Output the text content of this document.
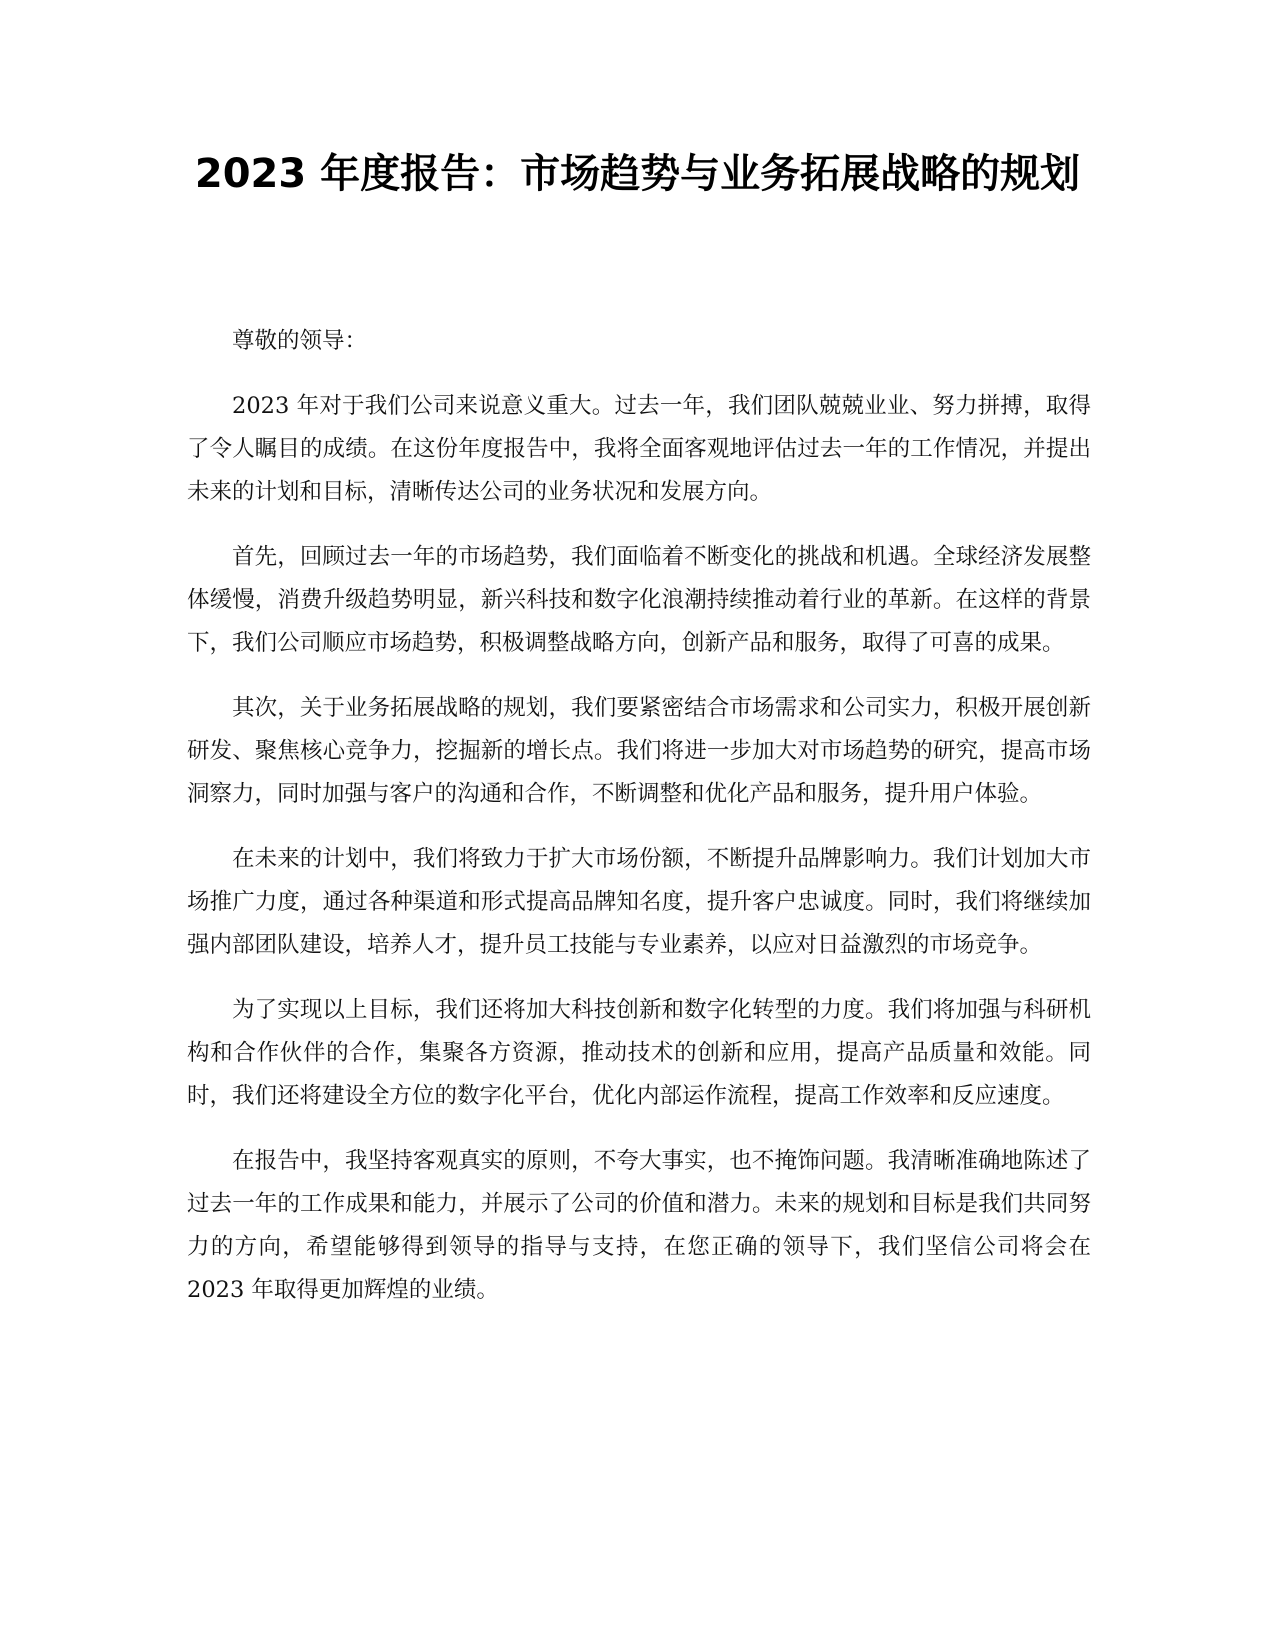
2023 年度报告：市场趋势与业务拓展战略的规划

尊敬的领导：

2023 年对于我们公司来说意义重大。过去一年，我们团队兢兢业业、努力拼搏，取得了令人瞩目的成绩。在这份年度报告中，我将全面客观地评估过去一年的工作情况，并提出未来的计划和目标，清晰传达公司的业务状况和发展方向。

首先，回顾过去一年的市场趋势，我们面临着不断变化的挑战和机遇。全球经济发展整体缓慢，消费升级趋势明显，新兴科技和数字化浪潮持续推动着行业的革新。在这样的背景下，我们公司顺应市场趋势，积极调整战略方向，创新产品和服务，取得了可喜的成果。

其次，关于业务拓展战略的规划，我们要紧密结合市场需求和公司实力，积极开展创新研发、聚焦核心竞争力，挖掘新的增长点。我们将进一步加大对市场趋势的研究，提高市场洞察力，同时加强与客户的沟通和合作，不断调整和优化产品和服务，提升用户体验。

在未来的计划中，我们将致力于扩大市场份额，不断提升品牌影响力。我们计划加大市场推广力度，通过各种渠道和形式提高品牌知名度，提升客户忠诚度。同时，我们将继续加强内部团队建设，培养人才，提升员工技能与专业素养，以应对日益激烈的市场竞争。

为了实现以上目标，我们还将加大科技创新和数字化转型的力度。我们将加强与科研机构和合作伙伴的合作，集聚各方资源，推动技术的创新和应用，提高产品质量和效能。同时，我们还将建设全方位的数字化平台，优化内部运作流程，提高工作效率和反应速度。

在报告中，我坚持客观真实的原则，不夸大事实，也不掩饰问题。我清晰准确地陈述了过去一年的工作成果和能力，并展示了公司的价值和潜力。未来的规划和目标是我们共同努力的方向，希望能够得到领导的指导与支持，在您正确的领导下，我们坚信公司将会在 2023 年取得更加辉煌的业绩。
